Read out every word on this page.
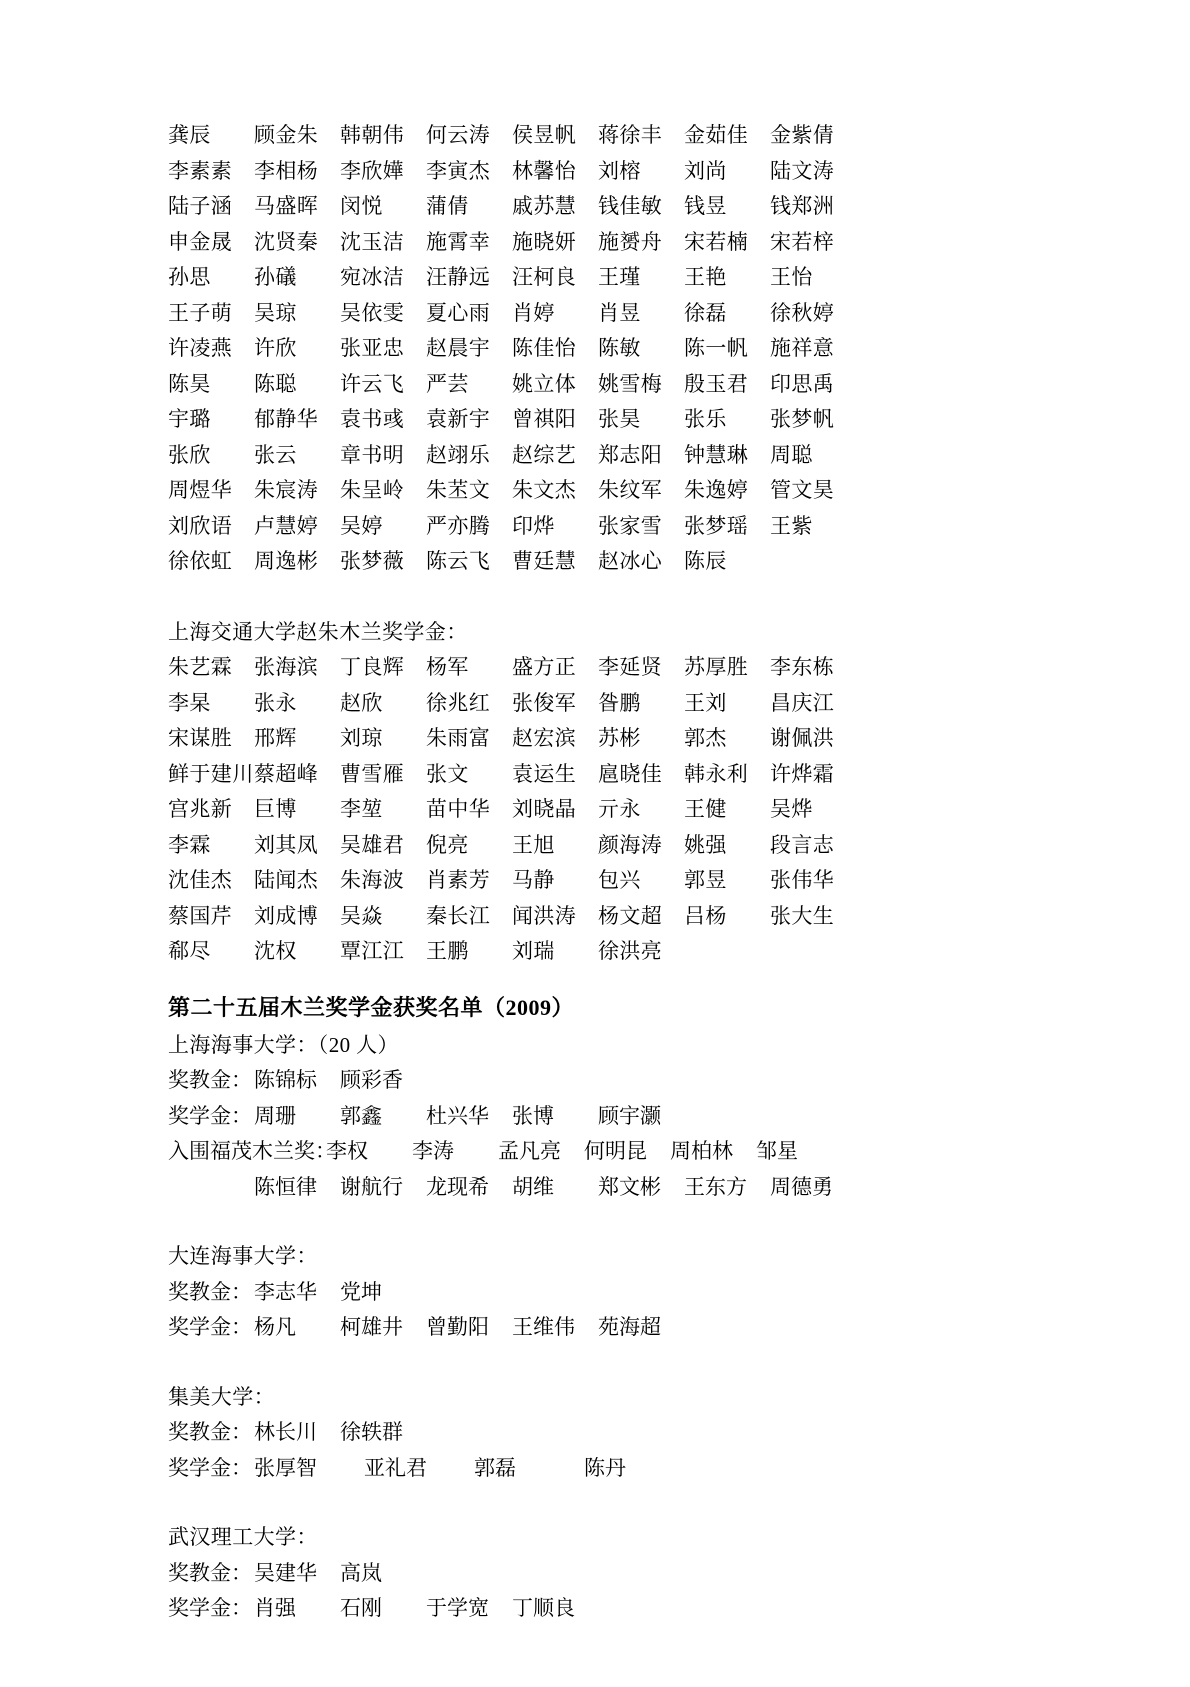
龚辰	顾金朱	韩朝伟	何云涛	侯昱帆	蒋徐丰	金茹佳	金紫倩
李素素	李相杨	李欣嬅	李寅杰	林馨怡	刘榕	刘尚	陆文涛
陆子涵	马盛晖	闵悦	蒲倩	戚苏慧	钱佳敏	钱昱	钱郑洲
申金晟	沈贤秦	沈玉洁	施霄幸	施晓妍	施赟舟	宋若楠	宋若梓
孙思	孙礒	宛冰洁	汪静远	汪柯良	王瑾	王艳	王怡
王子萌	吴琼	吴依雯	夏心雨	肖婷	肖昱	徐磊	徐秋婷
许凌燕	许欣	张亚忠	赵晨宇	陈佳怡	陈敏	陈一帆	施祥意
陈昊	陈聪	许云飞	严芸	姚立体	姚雪梅	殷玉君	印思禹
宇璐	郁静华	袁书彧	袁新宇	曾祺阳	张昊	张乐	张梦帆
张欣	张云	章书明	赵翊乐	赵综艺	郑志阳	钟慧琳	周聪
周煜华	朱宸涛	朱呈岭	朱苤文	朱文杰	朱纹军	朱逸婷	管文昊
刘欣语	卢慧婷	吴婷	严亦腾	印烨	张家雪	张梦瑶	王紫
徐依虹	周逸彬	张梦薇	陈云飞	曹廷慧	赵冰心	陈辰
上海交通大学赵朱木兰奖学金：
朱艺霖	张海滨	丁良辉	杨军	盛方正	李延贤	苏厚胜	李东栋
李杲	张永	赵欣	徐兆红	张俊军	昝鹏	王刘	昌庆江
宋谋胜	邢辉	刘琼	朱雨富	赵宏滨	苏彬	郭杰	谢佩洪
鲜于建川 蔡超峰	曹雪雁	张文	袁运生	扈晓佳	韩永利	许烨霜
宫兆新	巨博	李堃	苗中华	刘晓晶	亓永	王健	吴烨
李霖	刘其凤	吴雄君	倪亮	王旭	颜海涛	姚强	段言志
沈佳杰	陆闻杰	朱海波	肖素芳	马静	包兴	郭昱	张伟华
蔡国芹	刘成博	吴焱	秦长江	闻洪涛	杨文超	吕杨	张大生
郗尽	沈权	覃江江	王鹏	刘瑞	徐洪亮
第二十五届木兰奖学金获奖名单（2009）
上海海事大学：（20 人）
奖教金：陈锦标 顾彩香
奖学金：周珊 郭鑫 杜兴华 张博 顾宇灏
入围福茂木兰奖：李权 李涛 孟凡亮 何明昆 周柏林 邹星
陈恒律 谢航行 龙现希 胡维 郑文彬 王东方 周德勇
大连海事大学：
奖教金：李志华 党坤
奖学金：杨凡 柯雄井 曾勤阳 王维伟 苑海超
集美大学：
奖教金：林长川 徐轶群
奖学金：张厚智 亚礼君 郭磊	陈丹
武汉理工大学：
奖教金：吴建华 高岚
奖学金：肖强 石刚 于学宽 丁顺良
